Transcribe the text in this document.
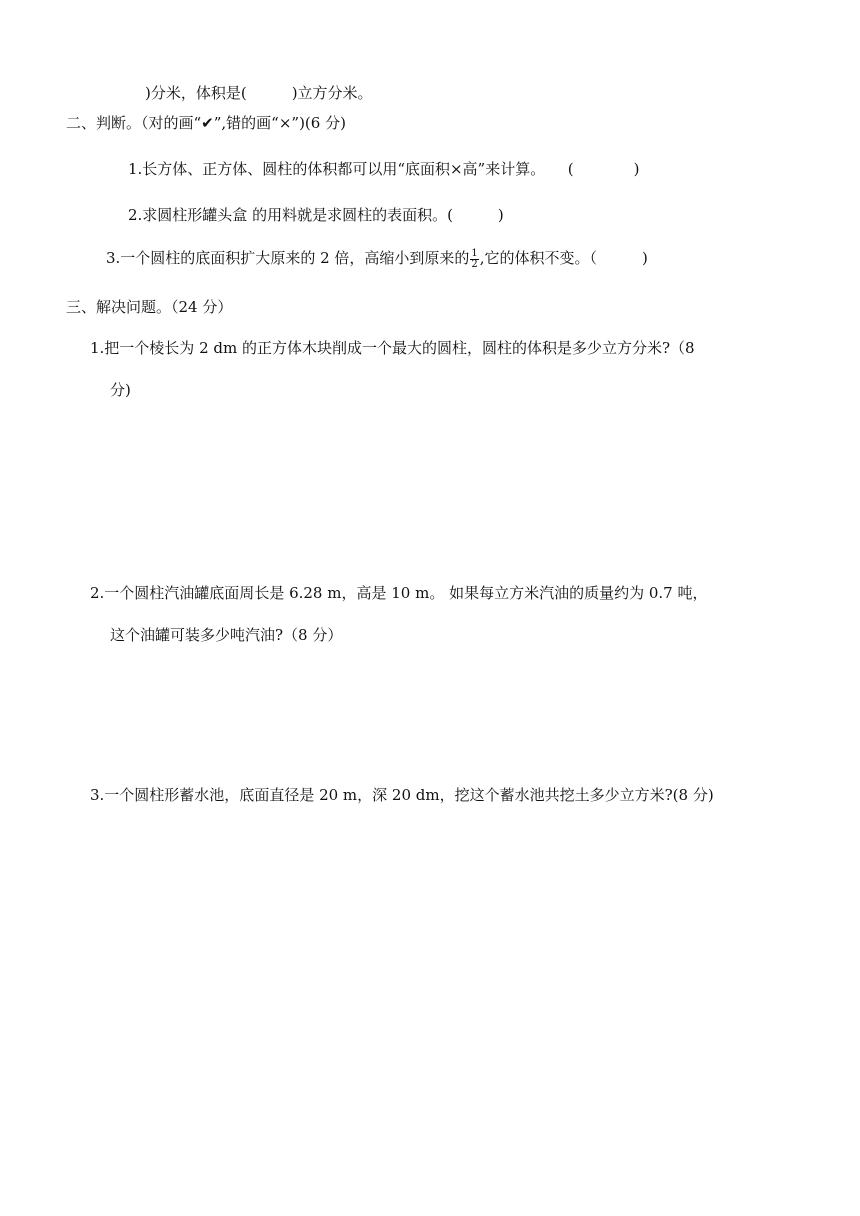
)分米，体积是(　　　)立方分米。
二、判断。（对的画“✔”,错的画“×”)(6 分)
1.长方体、正方体、圆柱的体积都可以用“底面积×高”来计算。　　(　　　　)
2.求圆柱形罐头盒 的用料就是求圆柱的表面积。(　　　)
3.一个圆柱的底面积扩大原来的 2 倍，高缩小到原来的 $\frac{1}{2}$ ,它的体积不变。（　　　)
三、解决问题。（24 分）
1.把一个棱长为 2 dm 的正方体木块削成一个最大的圆柱，圆柱的体积是多少立方分米?（8
分)
2.一个圆柱汽油罐底面周长是 6.28 m，高是 10 m。 如果每立方米汽油的质量约为 0.7 吨，
这个油罐可装多少吨汽油?（8 分）
3.一个圆柱形蓄水池，底面直径是 20 m，深 20 dm，挖这个蓄水池共挖土多少立方米?(8 分)
